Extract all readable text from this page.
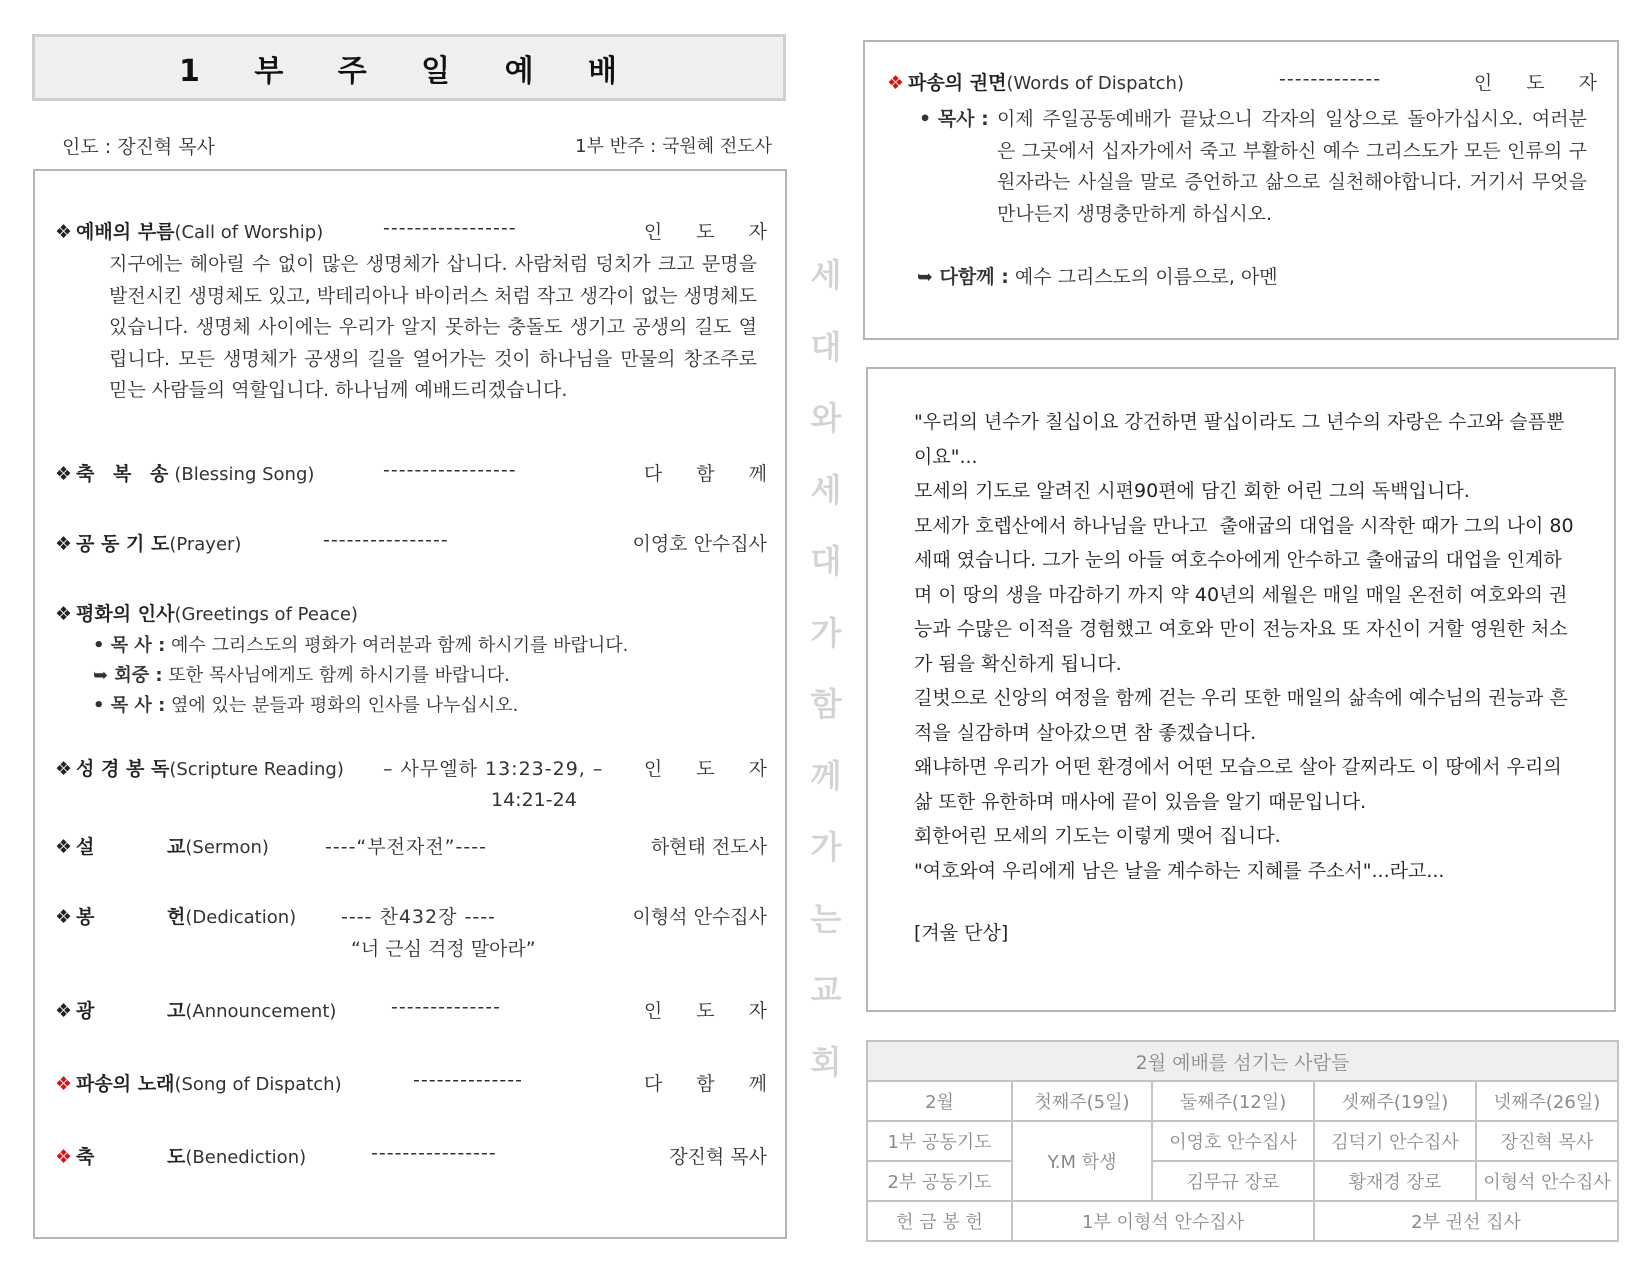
1 부 주 일 예 배
인도 : 장진혁 목사	1부 반주 : 국원혜 전도사
❖ 예배의 부름(Call of Worship)	-----------------	인 도 자
지구에는 헤아릴 수 없이 많은 생명체가 삽니다. 사람처럼 덩치가 크고 문명을 발전시킨 생명체도 있고, 박테리아나 바이러스 처럼 작고 생각이 없는 생명체도 있습니다. 생명체 사이에는 우리가 알지 못하는 충돌도 생기고 공생의 길도 열립니다. 모든 생명체가 공생의 길을 열어가는 것이 하나님을 만물의 창조주로 믿는 사람들의 역할입니다. 하나님께 예배드리겠습니다.
❖ 축 복 송(Blessing Song)	-----------------	다 함 께
❖ 공 동 기 도(Prayer)	----------------	이영호 안수집사
❖ 평화의 인사(Greetings of Peace)
• 목 사 : 예수 그리스도의 평화가 여러분과 함께 하시기를 바랍니다.
➥ 회중 : 또한 목사님에게도 함께 하시기를 바랍니다.
• 목 사 : 옆에 있는 분들과 평화의 인사를 나누십시오.
❖ 성 경 봉 독(Scripture Reading) – 사무엘하 13:23-29, – 인 도 자
14:21-24
❖ 설 교(Sermon)	----“부전자전”----	하현태 전도사
❖ 봉 헌(Dedication) ---- 찬432장 ----	이형석 안수집사
“너 근심 걱정 말아라”
❖ 광 고(Announcement)	--------------	인 도 자
❖ 파송의 노래(Song of Dispatch)	--------------	다 함 께
❖ 축 도(Benediction)	----------------	장진혁 목사
세
대
와
세
대
가
함
께
가
는
교
회
❖ 파송의 권면(Words of Dispatch)	-------------	인 도 자
• 목사 : 이제 주일공동예배가 끝났으니 각자의 일상으로 돌아가십시오. 여러분은 그곳에서 십자가에서 죽고 부활하신 예수 그리스도가 모든 인류의 구원자라는 사실을 말로 증언하고 삶으로 실천해야합니다. 거기서 무엇을 만나든지 생명충만하게 하십시오.
➥ 다함께 : 예수 그리스도의 이름으로, 아멘

"우리의 년수가 칠십이요 강건하면 팔십이라도 그 년수의 자랑은 수고와 슬픔뿐이요"...

모세의 기도로 알려진 시편90편에 담긴 회한 어린 그의 독백입니다.

모세가 호렙산에서 하나님을 만나고  출애굽의 대업을 시작한 때가 그의 나이 80세때 였습니다. 그가 눈의 아들 여호수아에게 안수하고 출애굽의 대업을 인계하며 이 땅의 생을 마감하기 까지 약 40년의 세월은 매일 매일 온전히 여호와의 권능과 수많은 이적을 경험했고 여호와 만이 전능자요 또 자신이 거할 영원한 처소가 됨을 확신하게 됩니다.

길벗으로 신앙의 여정을 함께 걷는 우리 또한 매일의 삶속에 예수님의 권능과 흔적을 실감하며 살아갔으면 참 좋겠습니다.

왜냐하면 우리가 어떤 환경에서 어떤 모습으로 살아 갈찌라도 이 땅에서 우리의 삶 또한 유한하며 매사에 끝이 있음을 알기 때문입니다.

회한어린 모세의 기도는 이렇게 맺어 집니다.

"여호와여 우리에게 남은 날을 계수하는 지혜를 주소서"...라고...

[겨울 단상]

2월 예배를 섬기는 사람들				
2월	첫째주(5일)	둘째주(12일)	셋째주(19일)	넷째주(26일)
1부 공동기도	Y.M 학생	이영호 안수집사	김덕기 안수집사	장진혁 목사
2부 공동기도		김무규 장로	황재경 장로	이형석 안수집사
헌 금 봉 헌	1부 이형석 안수집사		2부 권선 집사	
